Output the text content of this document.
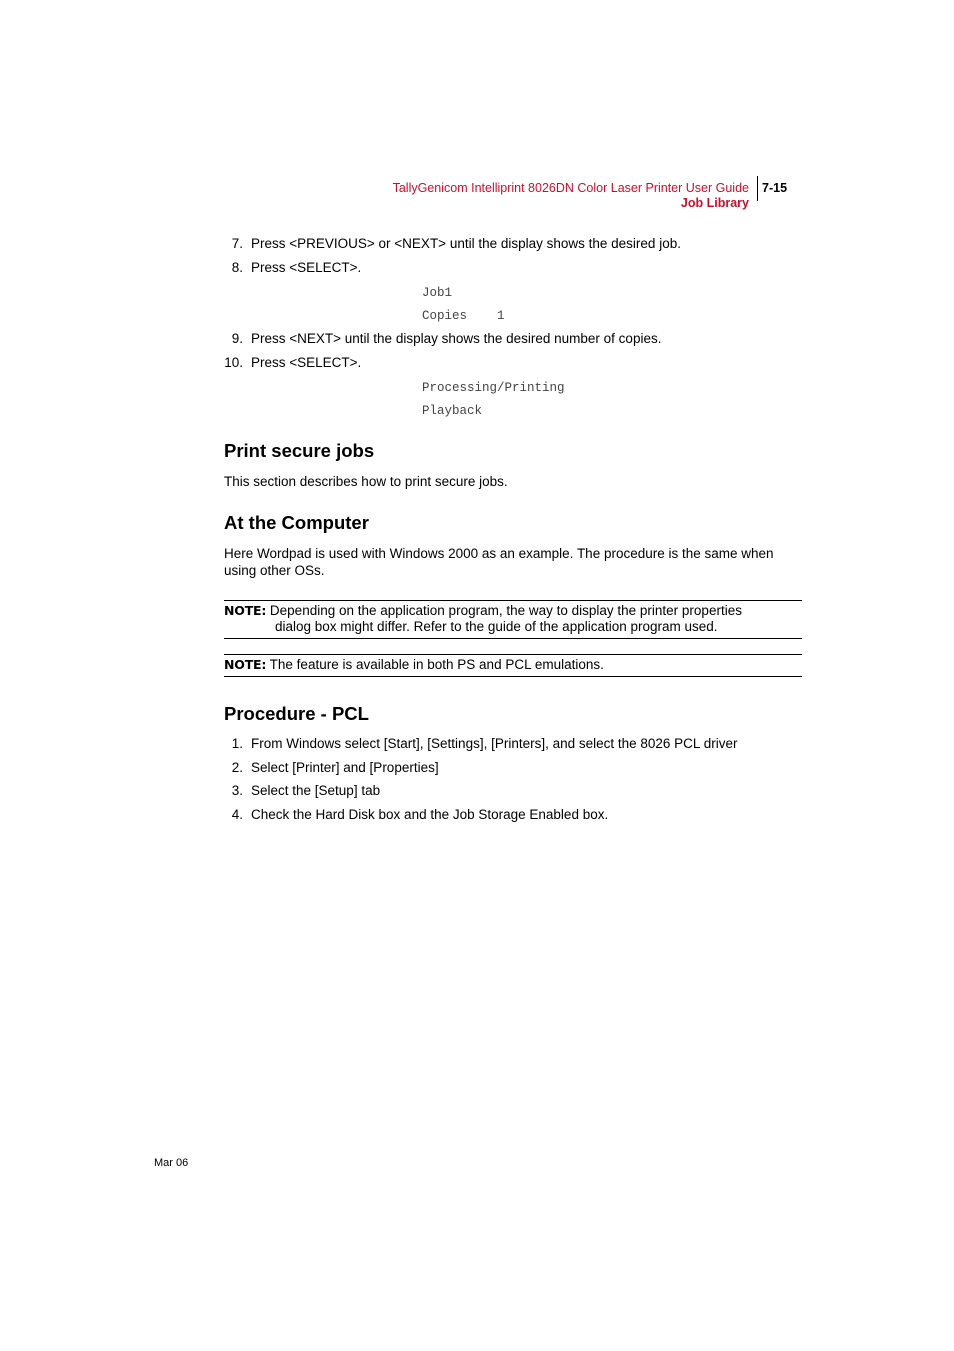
TallyGenicom Intelliprint 8026DN Color Laser Printer User Guide
Job Library
7-15
7. Press <PREVIOUS> or <NEXT> until the display shows the desired job.
8. Press <SELECT>.
Job1
Copies    1
9. Press <NEXT> until the display shows the desired number of copies.
10. Press <SELECT>.
Processing/Printing
Playback
Print secure jobs
This section describes how to print secure jobs.
At the Computer
Here Wordpad is used with Windows 2000 as an example. The procedure is the same when using other OSs.
NOTE: Depending on the application program, the way to display the printer properties
dialog box might differ. Refer to the guide of the application program used.
NOTE: The feature is available in both PS and PCL emulations.
Procedure - PCL
1. From Windows select [Start], [Settings], [Printers], and select the 8026 PCL driver
2. Select [Printer] and [Properties]
3. Select the [Setup] tab
4. Check the Hard Disk box and the Job Storage Enabled box.
Mar 06
